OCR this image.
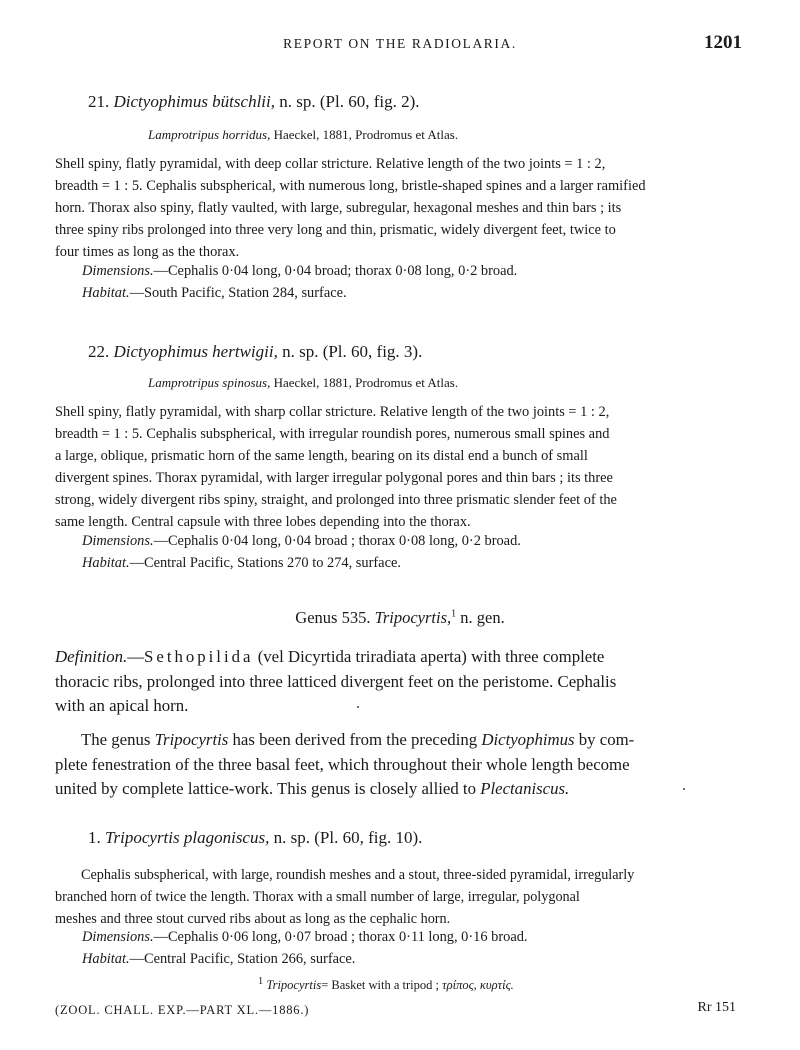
REPORT ON THE RADIOLARIA.	1201
21. Dictyophimus bütschlii, n. sp. (Pl. 60, fig. 2).
Lamprotripus horridus, Haeckel, 1881, Prodromus et Atlas.
Shell spiny, flatly pyramidal, with deep collar stricture. Relative length of the two joints = 1 : 2,
breadth = 1 : 5. Cephalis subspherical, with numerous long, bristle-shaped spines and a larger ramified
horn. Thorax also spiny, flatly vaulted, with large, subregular, hexagonal meshes and thin bars ; its
three spiny ribs prolonged into three very long and thin, prismatic, widely divergent feet, twice to
four times as long as the thorax.
Dimensions.—Cephalis 0·04 long, 0·04 broad; thorax 0·08 long, 0·2 broad.
Habitat.—South Pacific, Station 284, surface.
22. Dictyophimus hertwigii, n. sp. (Pl. 60, fig. 3).
Lamprotripus spinosus, Haeckel, 1881, Prodromus et Atlas.
Shell spiny, flatly pyramidal, with sharp collar stricture. Relative length of the two joints = 1 : 2,
breadth = 1 : 5. Cephalis subspherical, with irregular roundish pores, numerous small spines and
a large, oblique, prismatic horn of the same length, bearing on its distal end a bunch of small
divergent spines. Thorax pyramidal, with larger irregular polygonal pores and thin bars ; its three
strong, widely divergent ribs spiny, straight, and prolonged into three prismatic slender feet of the
same length. Central capsule with three lobes depending into the thorax.
Dimensions.—Cephalis 0·04 long, 0·04 broad ; thorax 0·08 long, 0·2 broad.
Habitat.—Central Pacific, Stations 270 to 274, surface.
Genus 535. Tripocyrtis,$^1$ n. gen.
Definition.—Sethopilida (vel Dicyrtida triradiata aperta) with three complete
thoracic ribs, prolonged into three latticed divergent feet on the peristome. Cephalis
with an apical horn.
The genus Tripocyrtis has been derived from the preceding Dictyophimus by com-
plete fenestration of the three basal feet, which throughout their whole length become
united by complete lattice-work. This genus is closely allied to Plectaniscus.
1. Tripocyrtis plagoniscus, n. sp. (Pl. 60, fig. 10).
Cephalis subspherical, with large, roundish meshes and a stout, three-sided pyramidal, irregularly
branched horn of twice the length. Thorax with a small number of large, irregular, polygonal
meshes and three stout curved ribs about as long as the cephalic horn.
Dimensions.—Cephalis 0·06 long, 0·07 broad ; thorax 0·11 long, 0·16 broad.
Habitat.—Central Pacific, Station 266, surface.
$^1$ Tripocyrtis= Basket with a tripod ; τρίπος, κυρτίς.
(ZOOL. CHALL. EXP.—PART XL.—1886.)	Rr 151
